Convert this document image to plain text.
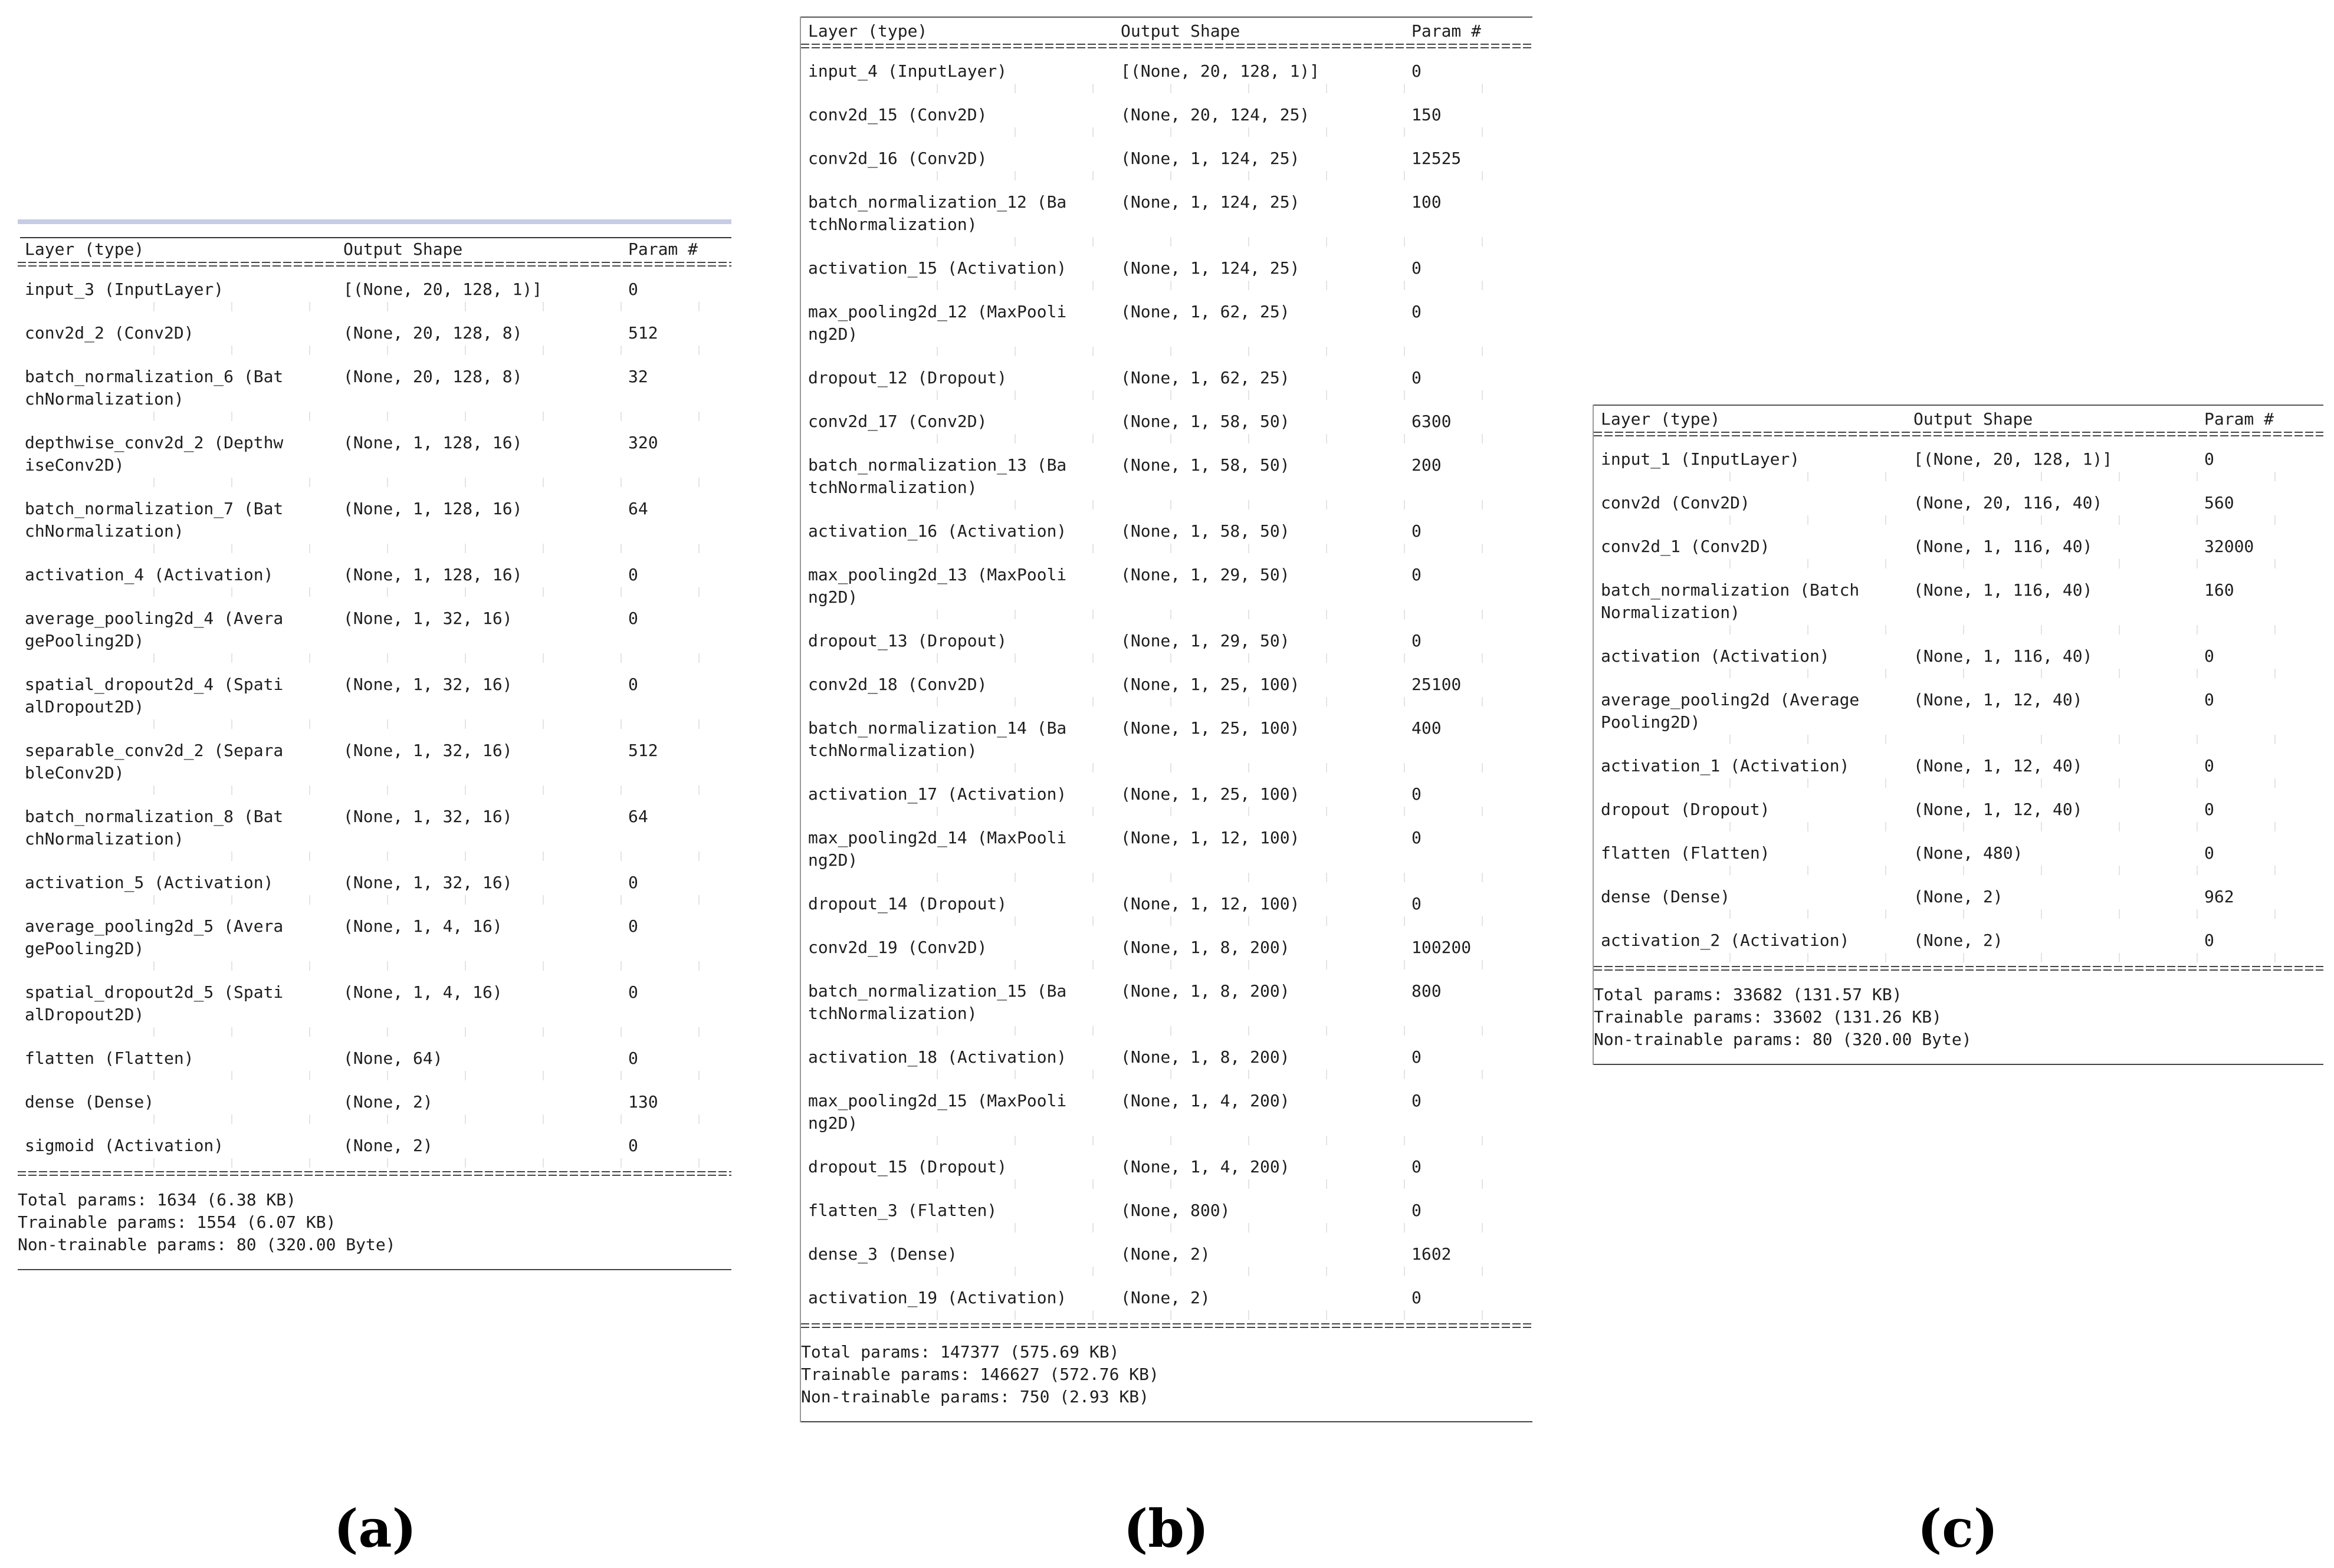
Layer (type)	Output Shape	Param #
input_3 (InputLayer)	[(None, 20, 128, 1)]	0
conv2d_2 (Conv2D)	(None, 20, 128, 8)	512
batch_normalization_6 (Bat
chNormalization)
(None, 20, 128, 8)	32
depthwise_conv2d_2 (Depthw
iseConv2D)
(None, 1, 128, 16)	320
batch_normalization_7 (Bat
chNormalization)
(None, 1, 128, 16)	64
activation_4 (Activation)	(None, 1, 128, 16)	0
average_pooling2d_4 (Avera
gePooling2D)
(None, 1, 32, 16)	0
spatial_dropout2d_4 (Spati
alDropout2D)
(None, 1, 32, 16)	0
separable_conv2d_2 (Separa
bleConv2D)
(None, 1, 32, 16)	512
batch_normalization_8 (Bat
chNormalization)
(None, 1, 32, 16)	64
activation_5 (Activation)	(None, 1, 32, 16)	0
average_pooling2d_5 (Avera
gePooling2D)
(None, 1, 4, 16)	0
spatial_dropout2d_5 (Spati
alDropout2D)
(None, 1, 4, 16)	0
flatten (Flatten)	(None, 64)	0
dense (Dense)	(None, 2)	130
sigmoid (Activation)	(None, 2)	0
Total params: 1634 (6.38 KB)
Trainable params: 1554 (6.07 KB)
Non-trainable params: 80 (320.00 Byte)
Layer (type)	Output Shape	Param #
input_4 (InputLayer)	[(None, 20, 128, 1)]	0
conv2d_15 (Conv2D)	(None, 20, 124, 25)	150
conv2d_16 (Conv2D)	(None, 1, 124, 25)	12525
batch_normalization_12 (Ba
tchNormalization)
(None, 1, 124, 25)	100
activation_15 (Activation)	(None, 1, 124, 25)	0
max_pooling2d_12 (MaxPooli
ng2D)
(None, 1, 62, 25)	0
dropout_12 (Dropout)	(None, 1, 62, 25)	0
conv2d_17 (Conv2D)	(None, 1, 58, 50)	6300
batch_normalization_13 (Ba
tchNormalization)
(None, 1, 58, 50)	200
activation_16 (Activation)	(None, 1, 58, 50)	0
max_pooling2d_13 (MaxPooli
ng2D)
(None, 1, 29, 50)	0
dropout_13 (Dropout)	(None, 1, 29, 50)	0
conv2d_18 (Conv2D)	(None, 1, 25, 100)	25100
batch_normalization_14 (Ba
tchNormalization)
(None, 1, 25, 100)	400
activation_17 (Activation)	(None, 1, 25, 100)	0
max_pooling2d_14 (MaxPooli
ng2D)
(None, 1, 12, 100)	0
dropout_14 (Dropout)	(None, 1, 12, 100)	0
conv2d_19 (Conv2D)	(None, 1, 8, 200)	100200
batch_normalization_15 (Ba
tchNormalization)
(None, 1, 8, 200)	800
activation_18 (Activation)	(None, 1, 8, 200)	0
max_pooling2d_15 (MaxPooli
ng2D)
(None, 1, 4, 200)	0
dropout_15 (Dropout)	(None, 1, 4, 200)	0
flatten_3 (Flatten)	(None, 800)	0
dense_3 (Dense)	(None, 2)	1602
activation_19 (Activation)	(None, 2)	0
Total params: 147377 (575.69 KB)
Trainable params: 146627 (572.76 KB)
Non-trainable params: 750 (2.93 KB)
Layer (type)	Output Shape	Param #
input_1 (InputLayer)	[(None, 20, 128, 1)]	0
conv2d (Conv2D)	(None, 20, 116, 40)	560
conv2d_1 (Conv2D)	(None, 1, 116, 40)	32000
batch_normalization (Batch
Normalization)
(None, 1, 116, 40)	160
activation (Activation)	(None, 1, 116, 40)	0
average_pooling2d (Average
Pooling2D)
(None, 1, 12, 40)	0
activation_1 (Activation)	(None, 1, 12, 40)	0
dropout (Dropout)	(None, 1, 12, 40)	0
flatten (Flatten)	(None, 480)	0
dense (Dense)	(None, 2)	962
activation_2 (Activation)	(None, 2)	0
Total params: 33682 (131.57 KB)
Trainable params: 33602 (131.26 KB)
Non-trainable params: 80 (320.00 Byte)
(a)	(b)	(c)
